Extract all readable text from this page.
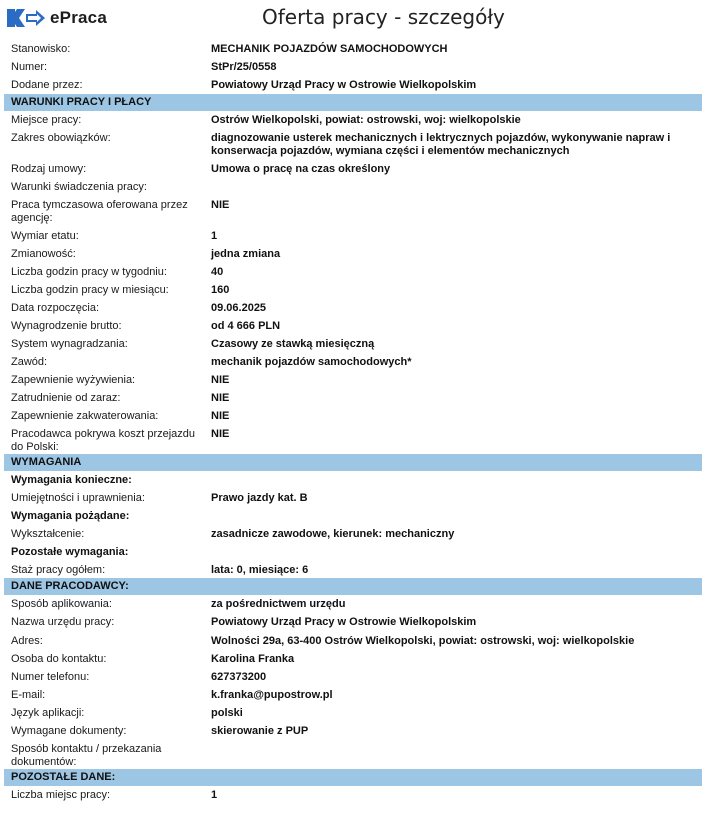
ePraca	Oferta pracy - szczegóły
Stanowisko:	MECHANIK POJAZDÓW SAMOCHODOWYCH
Numer:	StPr/25/0558
Dodane przez:	Powiatowy Urząd Pracy w Ostrowie Wielkopolskim
WARUNKI PRACY I PŁACY
Miejsce pracy:	Ostrów Wielkopolski, powiat: ostrowski, woj: wielkopolskie
Zakres obowiązków:	diagnozowanie usterek mechanicznych i lektrycznych pojazdów, wykonywanie napraw i konserwacja pojazdów, wymiana części i elementów mechanicznych
Rodzaj umowy:	Umowa o pracę na czas określony
Warunki świadczenia pracy:
Praca tymczasowa oferowana przez agencję:
NIE
Wymiar etatu:	1
Zmianowość:	jedna zmiana
Liczba godzin pracy w tygodniu:	40
Liczba godzin pracy w miesiącu:	160
Data rozpoczęcia:	09.06.2025
Wynagrodzenie brutto:	od 4 666 PLN
System wynagradzania:	Czasowy ze stawką miesięczną
Zawód:	mechanik pojazdów samochodowych*
Zapewnienie wyżywienia:	NIE
Zatrudnienie od zaraz:	NIE
Zapewnienie zakwaterowania:	NIE
Pracodawca pokrywa koszt przejazdu do Polski:
NIE
WYMAGANIA
Wymagania konieczne:
Umiejętności i uprawnienia:	Prawo jazdy kat. B
Wymagania pożądane:
Wykształcenie:	zasadnicze zawodowe, kierunek: mechaniczny
Pozostałe wymagania:
Staż pracy ogółem:	lata: 0, miesiące: 6
DANE PRACODAWCY:
Sposób aplikowania:	za pośrednictwem urzędu
Nazwa urzędu pracy:	Powiatowy Urząd Pracy w Ostrowie Wielkopolskim
Adres:	Wolności 29a, 63-400 Ostrów Wielkopolski, powiat: ostrowski, woj: wielkopolskie
Osoba do kontaktu:	Karolina Franka
Numer telefonu:	627373200
E-mail:	k.franka@pupostrow.pl
Język aplikacji:	polski
Wymagane dokumenty:	skierowanie z PUP
Sposób kontaktu / przekazania dokumentów:
POZOSTAŁE DANE:
Liczba miejsc pracy:	1
